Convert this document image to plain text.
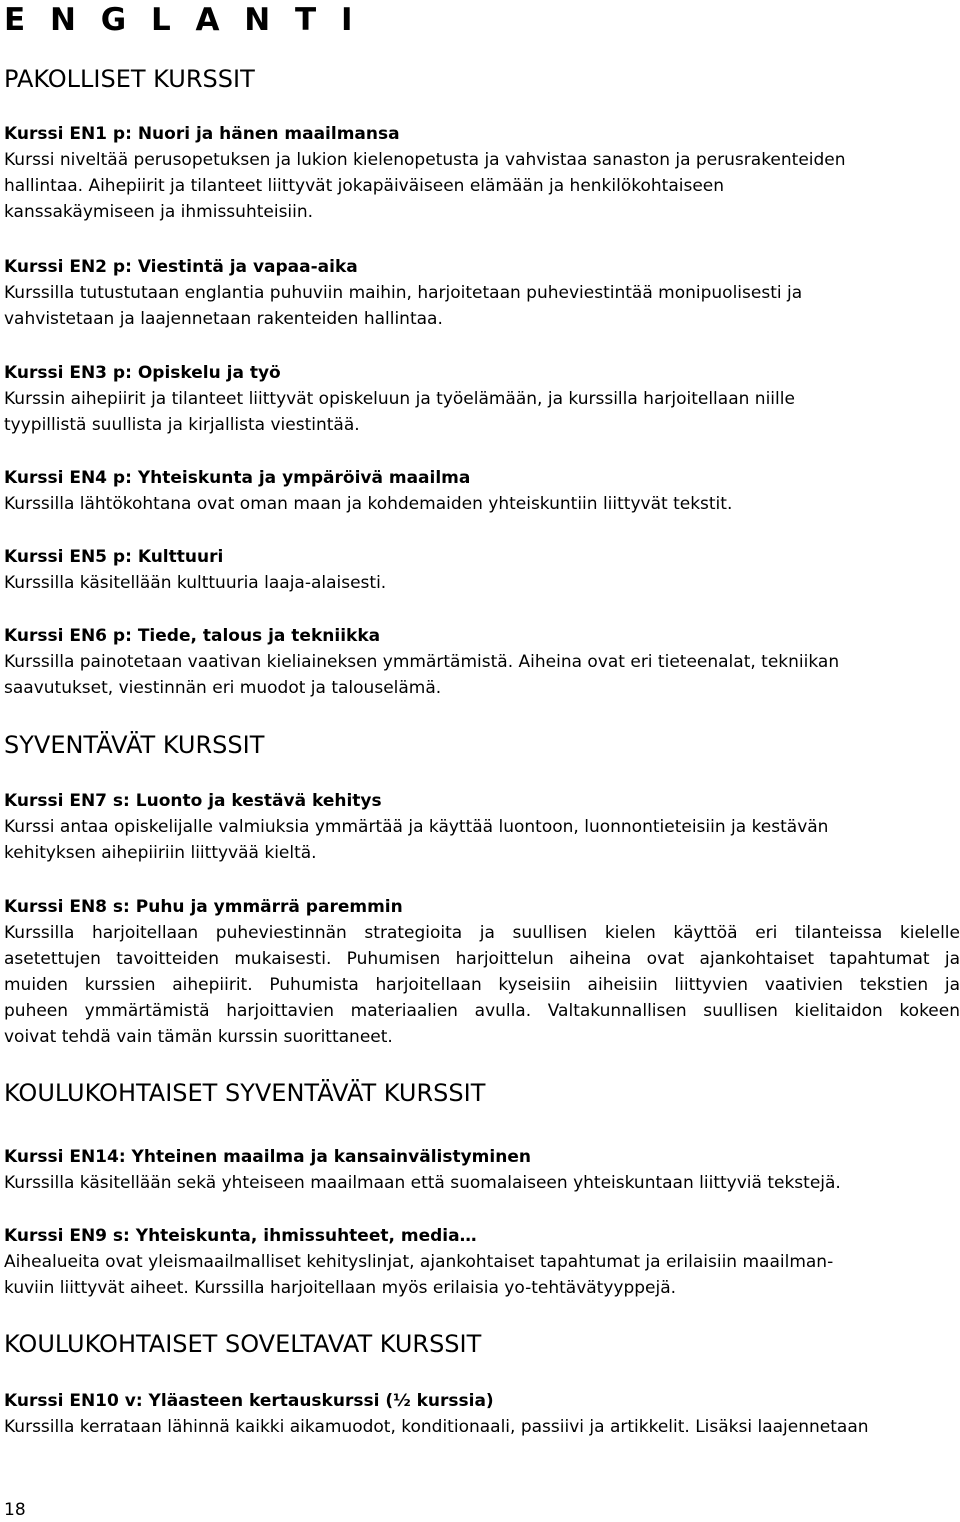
E N G L A N T I
PAKOLLISET KURSSIT
Kurssi EN1 p: Nuori ja hänen maailmansa
Kurssi niveltää perusopetuksen ja lukion kielenopetusta ja vahvistaa sanaston ja perusrakenteiden
hallintaa. Aihepiirit ja tilanteet liittyvät jokapäiväiseen elämään ja henkilökohtaiseen
kanssakäymiseen ja ihmissuhteisiin.
Kurssi EN2 p: Viestintä ja vapaa-aika
Kurssilla tutustutaan englantia puhuviin maihin, harjoitetaan puheviestintää monipuolisesti ja
vahvistetaan ja laajennetaan rakenteiden hallintaa.
Kurssi EN3 p: Opiskelu ja työ
Kurssin aihepiirit ja tilanteet liittyvät opiskeluun ja työelämään, ja kurssilla harjoitellaan niille
tyypillistä suullista ja kirjallista viestintää.
Kurssi EN4 p: Yhteiskunta ja ympäröivä maailma
Kurssilla lähtökohtana ovat oman maan ja kohdemaiden yhteiskuntiin liittyvät tekstit.
Kurssi EN5 p: Kulttuuri
Kurssilla käsitellään kulttuuria laaja-alaisesti.
Kurssi EN6 p: Tiede, talous ja tekniikka
Kurssilla painotetaan vaativan kieliaineksen ymmärtämistä. Aiheina ovat eri tieteenalat, tekniikan
saavutukset, viestinnän eri muodot ja talouselämä.
SYVENTÄVÄT KURSSIT
Kurssi EN7 s: Luonto ja kestävä kehitys
Kurssi antaa opiskelijalle valmiuksia ymmärtää ja käyttää luontoon, luonnontieteisiin ja kestävän
kehityksen aihepiiriin liittyvää kieltä.
Kurssi EN8 s: Puhu ja ymmärrä paremmin
Kurssilla harjoitellaan puheviestinnän strategioita ja suullisen kielen käyttöä eri tilanteissa kielelle
asetettujen tavoitteiden mukaisesti. Puhumisen harjoittelun aiheina ovat ajankohtaiset tapahtumat ja
muiden kurssien aihepiirit. Puhumista harjoitellaan kyseisiin aiheisiin liittyvien vaativien tekstien ja
puheen ymmärtämistä harjoittavien materiaalien avulla. Valtakunnallisen suullisen kielitaidon kokeen
voivat tehdä vain tämän kurssin suorittaneet.
KOULUKOHTAISET SYVENTÄVÄT KURSSIT
Kurssi EN14: Yhteinen maailma ja kansainvälistyminen
Kurssilla käsitellään sekä yhteiseen maailmaan että suomalaiseen yhteiskuntaan liittyviä tekstejä.
Kurssi EN9 s: Yhteiskunta, ihmissuhteet, media…
Aihealueita ovat yleismaailmalliset kehityslinjat, ajankohtaiset tapahtumat ja erilaisiin maailman-
kuviin liittyvät aiheet. Kurssilla harjoitellaan myös erilaisia yo-tehtävätyyppejä.
KOULUKOHTAISET SOVELTAVAT KURSSIT
Kurssi EN10 v: Yläasteen kertauskurssi (½ kurssia)
Kurssilla kerrataan lähinnä kaikki aikamuodot, konditionaali, passiivi ja artikkelit. Lisäksi laajennetaan
18
